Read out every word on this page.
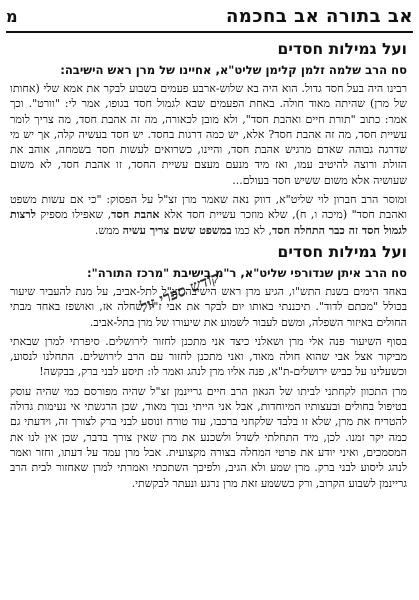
אב בתורה אב בחכמה
מ
ועל גמילות חסדים
סח הרב שלמה זלמן קלימן שליט"א, אחיינו של מרן ראש הישיבה:

רבינו היה בעל חסד גדול. הוא היה בא שלוש-ארבע פעמים בשבוע לבקר את אמא שלי (אחותו של מרן) שהיתה מאוד חולה. באחת הפעמים שבא לגמול חסד בגופו, אמר לי: "וורט". וכך אמר: כתוב "תורת חיים ואהבת חסד", ולא מובן לכאורה, מה זה אהבת חסד, מה צריך לומר עשיית חסד, מה זה אהבת חסד? אלא, יש כמה דרגות בחסד. יש חסד בעשיה קלה, אך יש מי שדרגה גבוהה שאדם מרגיש אהבת חסד, והיינו, כשרואים לעשות חסד בשמחה, אוהב את הזולת ורוצה להיטיב עמו, ואז מיד מנעם מעצם עשיית החסד, זו אהבת חסד, לא משום שעושיה אלא משום ששיש חסד בעולם...

ומוסר הרב חברון לוי שליט"א, דווק נאה שאמר מרן זצ"ל על הפסוק: "כי אם עשות משפט ואהבת חסד" (מיכה ו, ח), שלא מוזכר עשיית חסד אלא אהבת חסד, שאפילו מספיק לרצות לגמול חסד זה כבר התחלה חסד, לא כמו במשפט ששם צריך עשיה ממש.

ועל גמילות חסדים
סח הרב איתן שנדורפי שליט"א, ר"מ בישיבת "מרכז התורה":

באחד הימים בשנת התש"ו, הגיע מרן ראש הישיבה זצ"ל לתל-אביב, על מנת להעביר שיעור בכולל "מכתם לדוד". תיכננתי באותו יום לבקר את אבי ז"ל שחלה אז, ואושפז באחד מבתי החולים באיזור השפלה, ומשם לעבור לשמוע את שיעורו של מרן בתל-אביב.

בסוף השיעור פנה אלי מרן ושאלני כיצד אני מתכנן לחזור לירושלים. סיפרתי למרן שבאתי מביקור אצל אבי שהוא חולה מאוד, ואני מתכנן לחזור עם הרב לירושלים. התחלנו לנסוע, וכשעלינו על כביש ירושלים-ת"א, פנה אליו מרן לנהג ואמר לו: תיסע לבני ברק, בבקשה!

מרן התכוון לקחתני לביתו של הגאון הרב חיים גריינמן זצ"ל שהיה מפורסם כמי שהיה עוסק בטיפול בחולים ובעצותיו המיוחדות, אבל אני הייתי נבוך מאוד, שכן הרגשתי אי נעימות גדולה להטריח את מרן, שלא זו בלבד שלקחני ברכבו, עוד טורח ונוסע לבני ברק לצורך זה, וידעתי גם כמה יקר זמנו. לכן, מיד התחלתי לשדל ולשכנע את מרן שאין צורך בדבר, שכן אין לנו את המסמכים, ואיני יודע את פרטי המחלה בצורה מקצועית. אבל מרן עמד על דעתו, וחזר ואמר לנהג ליסוע לבני ברק. מרן שמע ולא הגיב, ולפיכך השתכתי ואמרתי למרן שאחזור לבית הרב גריינמן לשבוע הקרוב, ורק כששמע זאת מרן נרגע ונעתר לבקשתי.

קודש ספרי זול
